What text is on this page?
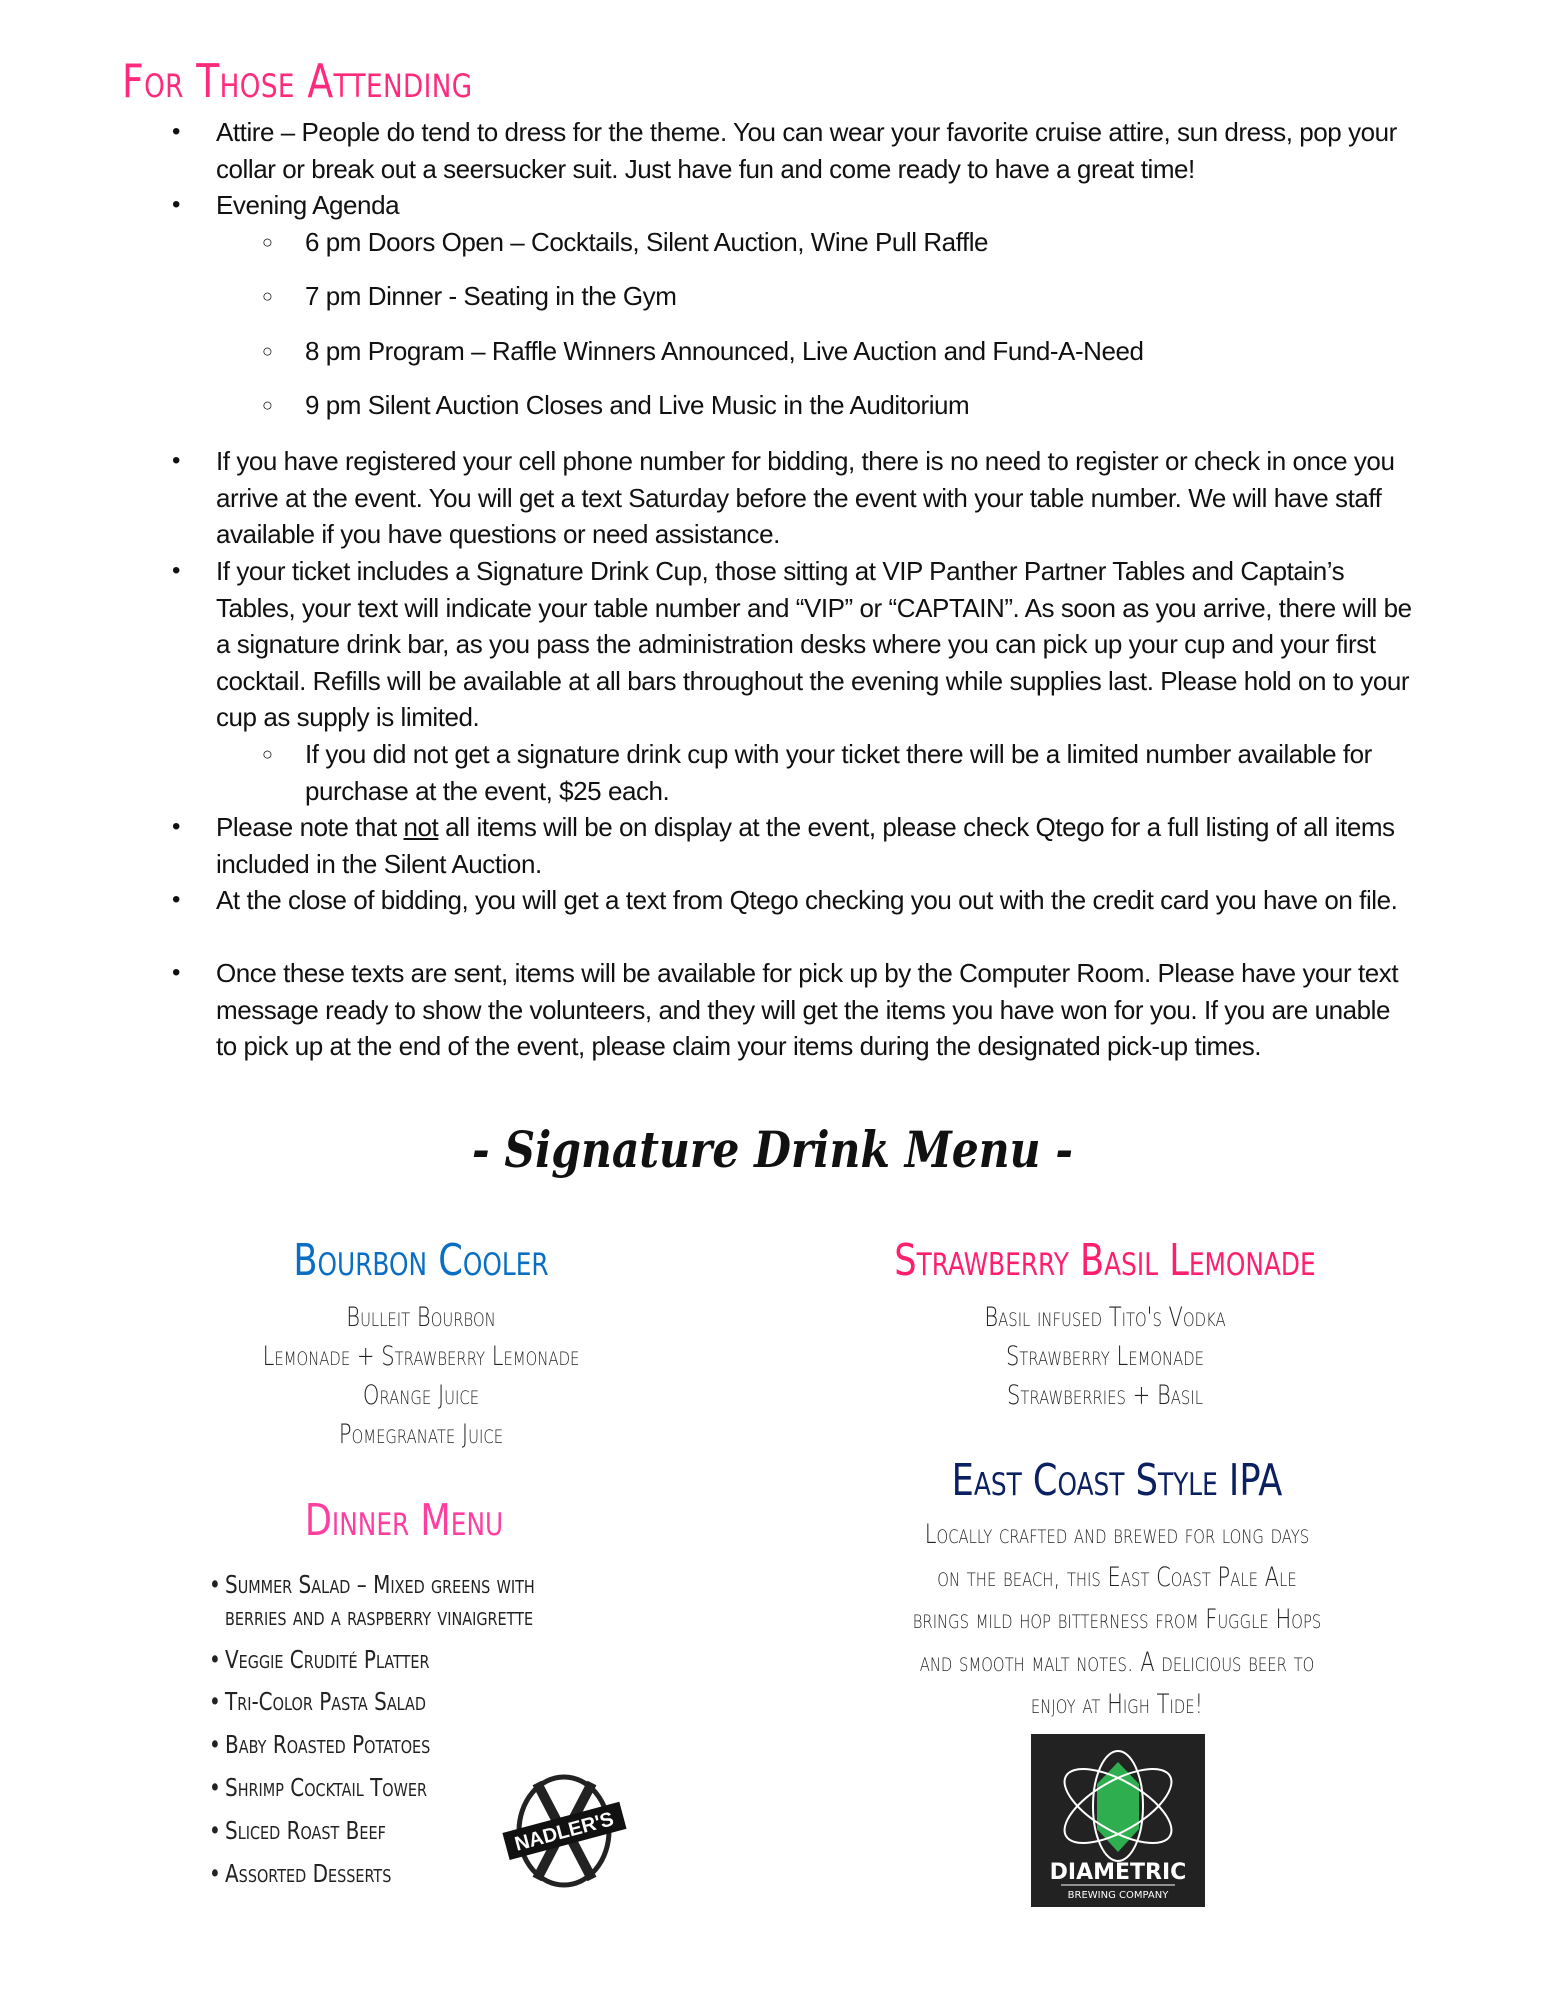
For Those Attending
• Attire – People do tend to dress for the theme. You can wear your favorite cruise attire, sun dress, pop your collar or break out a seersucker suit. Just have fun and come ready to have a great time!
• Evening Agenda
○ 6 pm Doors Open – Cocktails, Silent Auction, Wine Pull Raffle
○ 7 pm Dinner - Seating in the Gym
○ 8 pm Program – Raffle Winners Announced, Live Auction and Fund-A-Need
○ 9 pm Silent Auction Closes and Live Music in the Auditorium
• If you have registered your cell phone number for bidding, there is no need to register or check in once you arrive at the event. You will get a text Saturday before the event with your table number. We will have staff available if you have questions or need assistance.
• If your ticket includes a Signature Drink Cup, those sitting at VIP Panther Partner Tables and Captain’s Tables, your text will indicate your table number and “VIP” or “CAPTAIN”. As soon as you arrive, there will be a signature drink bar, as you pass the administration desks where you can pick up your cup and your first cocktail. Refills will be available at all bars throughout the evening while supplies last. Please hold on to your cup as supply is limited.
○ If you did not get a signature drink cup with your ticket there will be a limited number available for purchase at the event, $25 each.
• Please note that not all items will be on display at the event, please check Qtego for a full listing of all items included in the Silent Auction.
• At the close of bidding, you will get a text from Qtego checking you out with the credit card you have on file.
• Once these texts are sent, items will be available for pick up by the Computer Room. Please have your text message ready to show the volunteers, and they will get the items you have won for you. If you are unable to pick up at the end of the event, please claim your items during the designated pick-up times.
- Signature Drink Menu -
Bourbon Cooler
Bulleit Bourbon
Lemonade + Strawberry Lemonade
Orange Juice
Pomegranate Juice
Strawberry Basil Lemonade
Basil infused Tito's Vodka
Strawberry Lemonade
Strawberries + Basil
Dinner Menu
• Summer Salad – Mixed greens with
berries and a raspberry vinaigrette
• Veggie Crudité Platter
• Tri-Color Pasta Salad
• Baby Roasted Potatoes
• Shrimp Cocktail Tower
• Sliced Roast Beef
• Assorted Desserts
NADLER'S
East Coast Style IPA
Locally crafted and brewed for long days
on the beach, this East Coast Pale Ale
brings mild hop bitterness from Fuggle Hops
and smooth malt notes. A delicious beer to
enjoy at High Tide!
DIAMETRIC
BREWING COMPANY
